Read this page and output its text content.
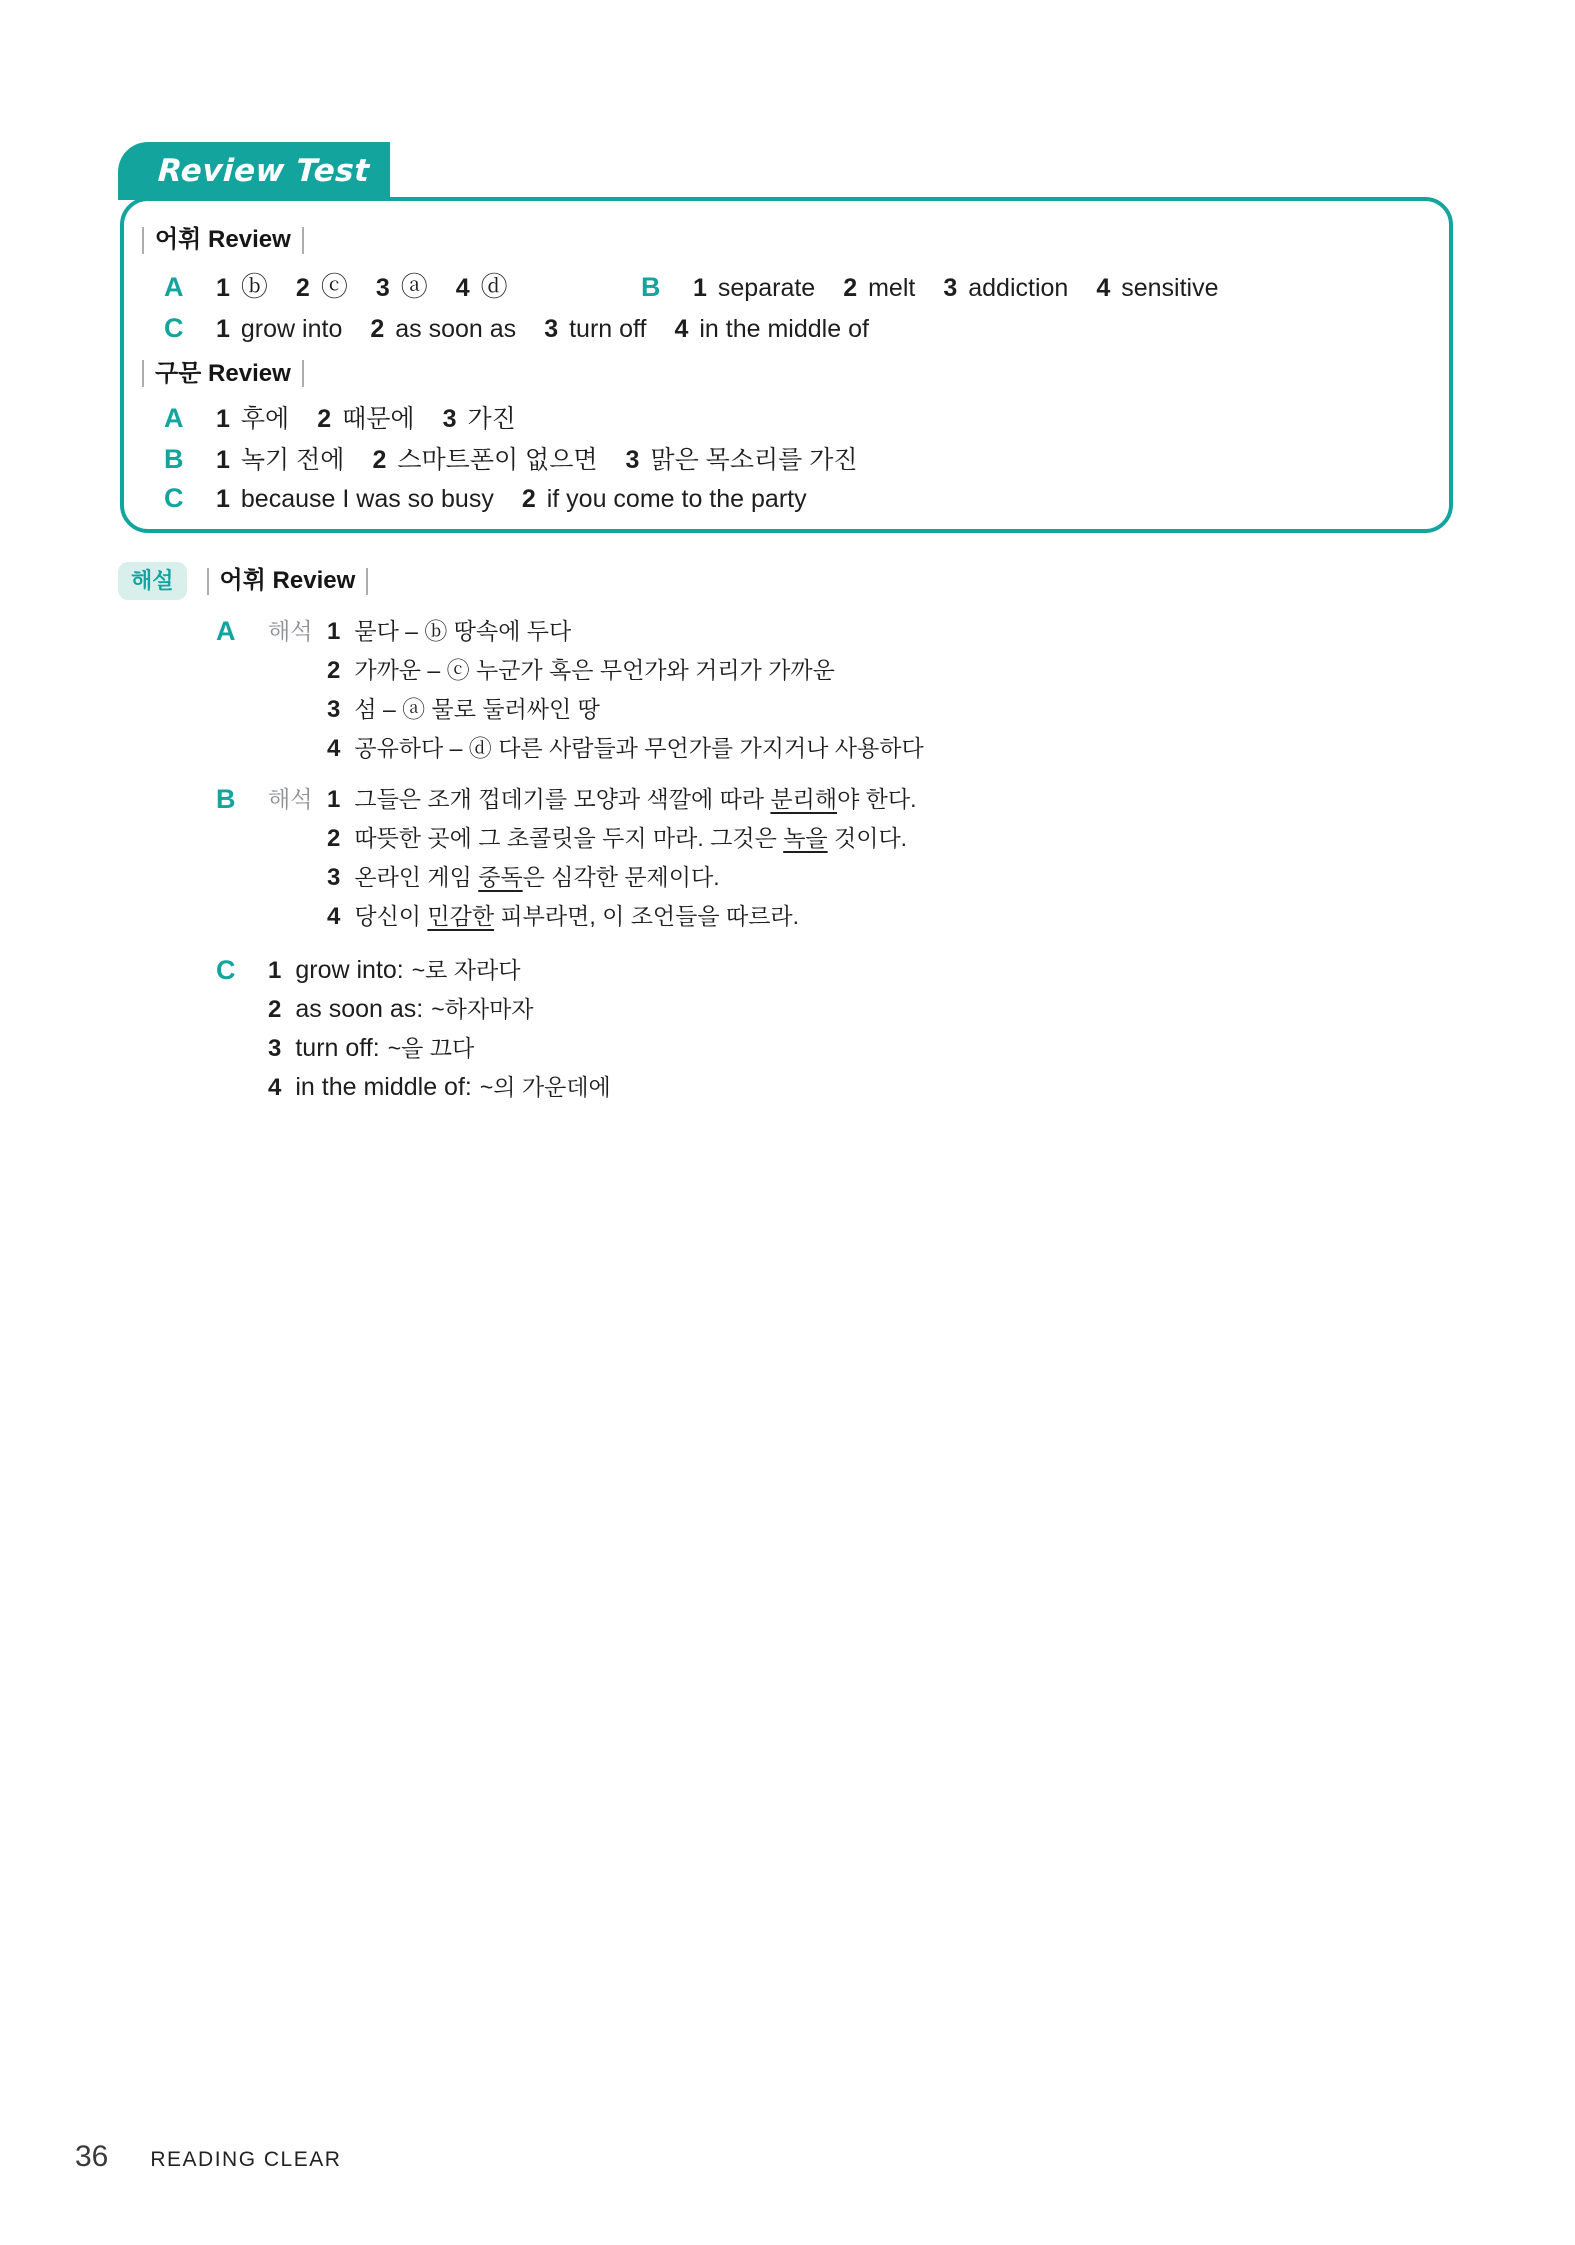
Review Test
어휘 Review
A	1 ⓑ 2 ⓒ 3 ⓐ 4 ⓓ	B	1 separate 2 melt 3 addiction 4 sensitive
C	1 grow into 2 as soon as 3 turn off 4 in the middle of
구문 Review
A	1 후에 2 때문에 3 가진
B	1 녹기 전에 2 스마트폰이 없으면 3 맑은 목소리를 가진
C	1 because I was so busy 2 if you come to the party
해설	어휘 Review
A	해석 1 묻다 – ⓑ 땅속에 두다
2 가까운 – ⓒ 누군가 혹은 무언가와 거리가 가까운
3 섬 – ⓐ 물로 둘러싸인 땅
4 공유하다 – ⓓ 다른 사람들과 무언가를 가지거나 사용하다
B	해석 1 그들은 조개 껍데기를 모양과 색깔에 따라 분리해야 한다.
2 따뜻한 곳에 그 초콜릿을 두지 마라. 그것은 녹을 것이다.
3 온라인 게임 중독은 심각한 문제이다.
4 당신이 민감한 피부라면, 이 조언들을 따르라.
C	1 grow into: ~로 자라다
2 as soon as: ~하자마자
3 turn off: ~을 끄다
4 in the middle of: ~의 가운데에
36 READING CLEAR
